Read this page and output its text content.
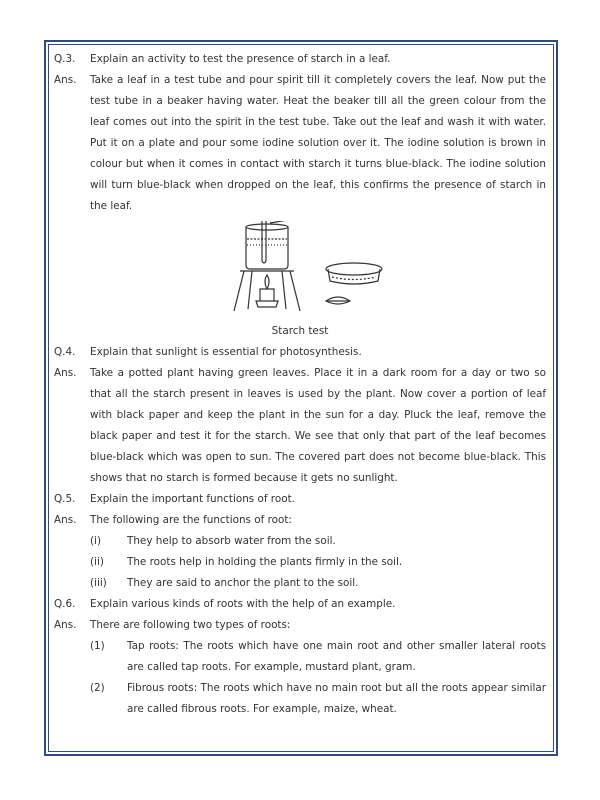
Q.3.	Explain an activity to test the presence of starch in a leaf.
Ans.	Take a leaf in a test tube and pour spirit till it completely covers the leaf. Now put the test tube in a beaker having water. Heat the beaker till all the green colour from the leaf comes out into the spirit in the test tube. Take out the leaf and wash it with water. Put it on a plate and pour some iodine solution over it. The iodine solution is brown in colour but when it comes in contact with starch it turns blue-black. The iodine solution will turn blue-black when dropped on the leaf, this confirms the presence of starch in the leaf.
Starch test
Q.4.	Explain that sunlight is essential for photosynthesis.
Ans.	Take a potted plant having green leaves. Place it in a dark room for a day or two so that all the starch present in leaves is used by the plant. Now cover a portion of leaf with black paper and keep the plant in the sun for a day. Pluck the leaf, remove the black paper and test it for the starch. We see that only that part of the leaf becomes blue-black which was open to sun. The covered part does not become blue-black. This shows that no starch is formed because it gets no sunlight.
Q.5.	Explain the important functions of root.
Ans.	The following are the functions of root:
(i)	They help to absorb water from the soil.
(ii)	The roots help in holding the plants firmly in the soil.
(iii)	They are said to anchor the plant to the soil.
Q.6.	Explain various kinds of roots with the help of an example.
Ans.	There are following two types of roots:
(1)	Tap roots: The roots which have one main root and other smaller lateral roots are called tap roots. For example, mustard plant, gram.
(2)	Fibrous roots: The roots which have no main root but all the roots appear similar are called fibrous roots. For example, maize, wheat.
